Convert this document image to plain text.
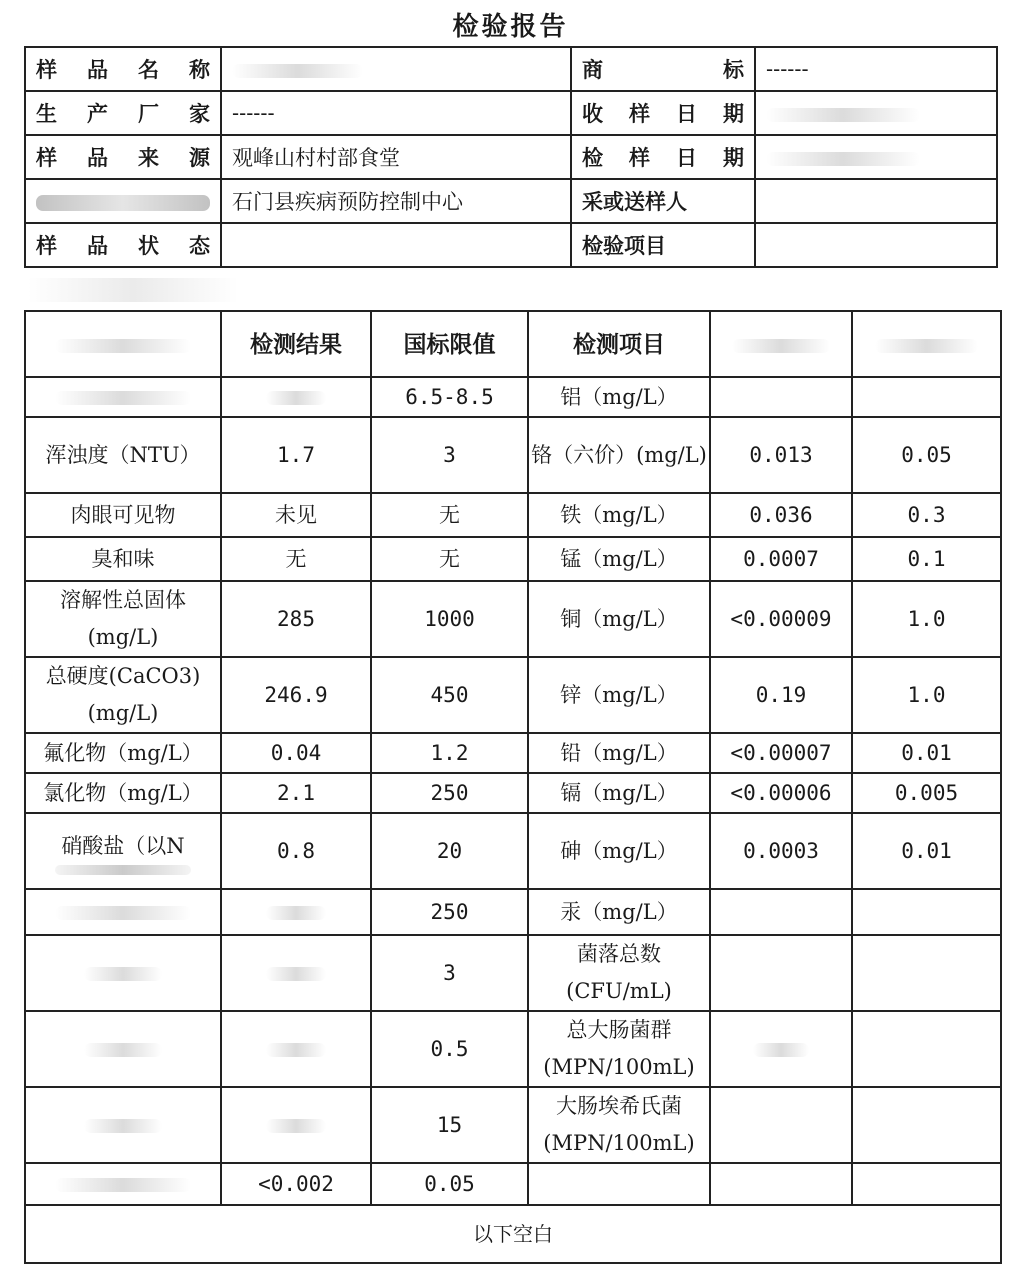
检验报告
样品名称		商标	------
生产厂家	------	收样日期	
样品来源	观峰山村村部食堂	检样日期	
	石门县疾病预防控制中心	采或送样人	
样品状态		检验项目	
	检测结果	国标限值	检测项目		
		6.5-8.5	铝（mg/L）		
浑浊度（NTU）	1.7	3	铬（六价）(mg/L)	0.013	0.05
肉眼可见物	未见	无	铁（mg/L）	0.036	0.3
臭和味	无	无	锰（mg/L）	0.0007	0.1
溶解性总固体(mg/L)	285	1000	铜（mg/L）	<0.00009	1.0
总硬度(CaCO3)(mg/L)	246.9	450	锌（mg/L）	0.19	1.0
氟化物（mg/L）	0.04	1.2	铅（mg/L）	<0.00007	0.01
氯化物（mg/L）	2.1	250	镉（mg/L）	<0.00006	0.005

硝酸盐（以N	0.8	20	砷（mg/L）	0.0003	0.01
		250	汞（mg/L）		
		3	菌落总数(CFU/mL)		
		0.5	总大肠菌群(MPN/100mL)		
		15	大肠埃希氏菌(MPN/100mL)		
	<0.002	0.05			
以下空白					
